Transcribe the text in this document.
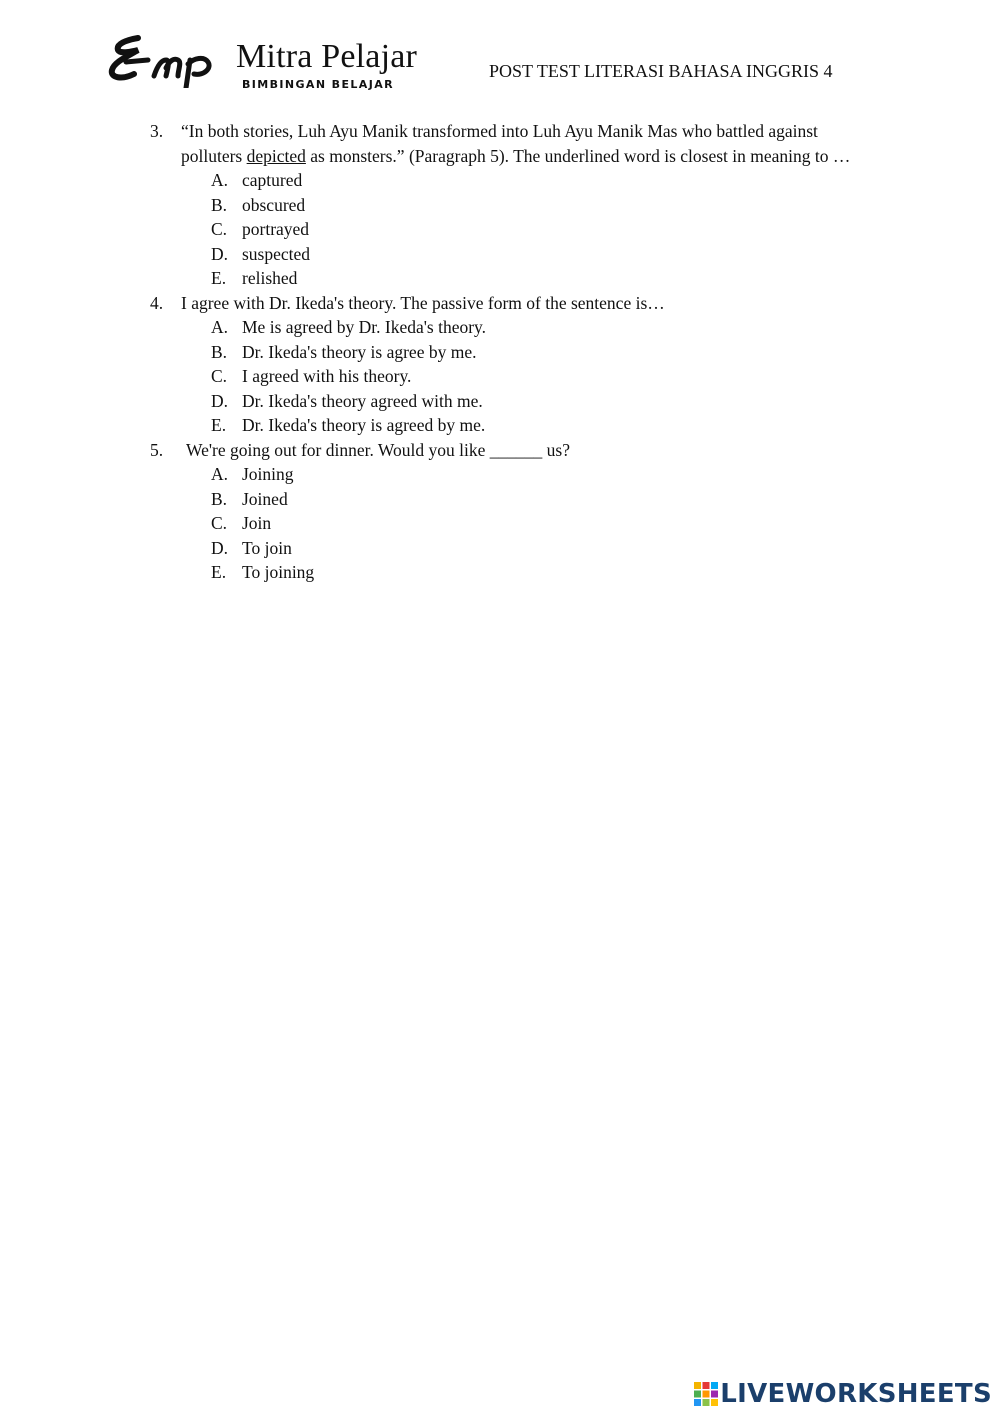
Mitra Pelajar
BIMBINGAN BELAJAR
POST TEST LITERASI BAHASA INGGRIS 4
3. “In both stories, Luh Ayu Manik transformed into Luh Ayu Manik Mas who battled against polluters depicted as monsters.” (Paragraph 5). The underlined word is closest in meaning to …
A. captured
B. obscured
C. portrayed
D. suspected
E. relished
4. I agree with Dr. Ikeda's theory. The passive form of the sentence is…
A. Me is agreed by Dr. Ikeda's theory.
B. Dr. Ikeda's theory is agree by me.
C. I agreed with his theory.
D. Dr. Ikeda's theory agreed with me.
E. Dr. Ikeda's theory is agreed by me.
5. We're going out for dinner. Would you like ______ us?
A. Joining
B. Joined
C. Join
D. To join
E. To joining
LIVEWORKSHEETS
